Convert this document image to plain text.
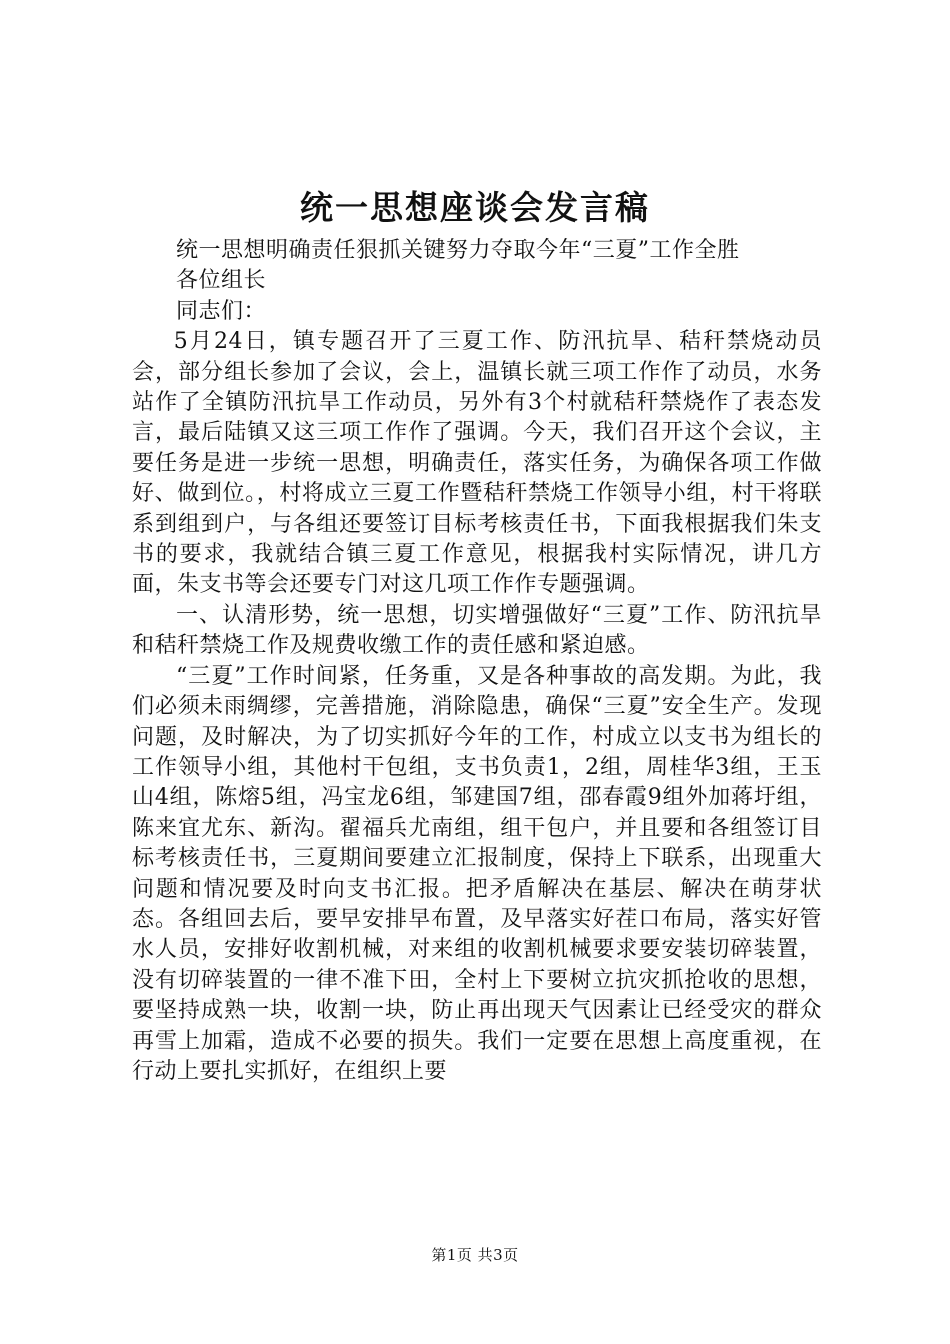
统一思想座谈会发言稿

统一思想明确责任狠抓关键努力夺取今年“三夏”工作全胜

各位组长

同志们：

5月24日，镇专题召开了三夏工作、防汛抗旱、秸秆禁烧动员会，部分组长参加了会议，会上，温镇长就三项工作作了动员，水务站作了全镇防汛抗旱工作动员，另外有3个村就秸秆禁烧作了表态发言，最后陆镇又这三项工作作了强调。今天，我们召开这个会议，主要任务是进一步统一思想，明确责任，落实任务，为确保各项工作做好、做到位。，村将成立三夏工作暨秸秆禁烧工作领导小组，村干将联系到组到户，与各组还要签订目标考核责任书，下面我根据我们朱支书的要求，我就结合镇三夏工作意见，根据我村实际情况，讲几方面，朱支书等会还要专门对这几项工作作专题强调。

一、认清形势，统一思想，切实增强做好“三夏”工作、防汛抗旱和秸秆禁烧工作及规费收缴工作的责任感和紧迫感。

“三夏”工作时间紧，任务重，又是各种事故的高发期。为此，我们必须未雨绸缪，完善措施，消除隐患，确保“三夏”安全生产。发现问题，及时解决，为了切实抓好今年的工作，村成立以支书为组长的工作领导小组，其他村干包组，支书负责1，2组，周桂华3组，王玉山4组，陈熔5组，冯宝龙6组，邹建国7组，邵春霞9组外加蒋圩组，陈来宜尤东、新沟。翟福兵尤南组，组干包户，并且要和各组签订目标考核责任书，三夏期间要建立汇报制度，保持上下联系，出现重大问题和情况要及时向支书汇报。把矛盾解决在基层、解决在萌芽状态。各组回去后，要早安排早布置，及早落实好茬口布局，落实好管水人员，安排好收割机械，对来组的收割机械要求要安装切碎装置，没有切碎装置的一律不准下田，全村上下要树立抗灾抓抢收的思想，要坚持成熟一块，收割一块，防止再出现天气因素让已经受灾的群众再雪上加霜，造成不必要的损失。我们一定要在思想上高度重视，在行动上要扎实抓好，在组织上要

第1页 共3页
